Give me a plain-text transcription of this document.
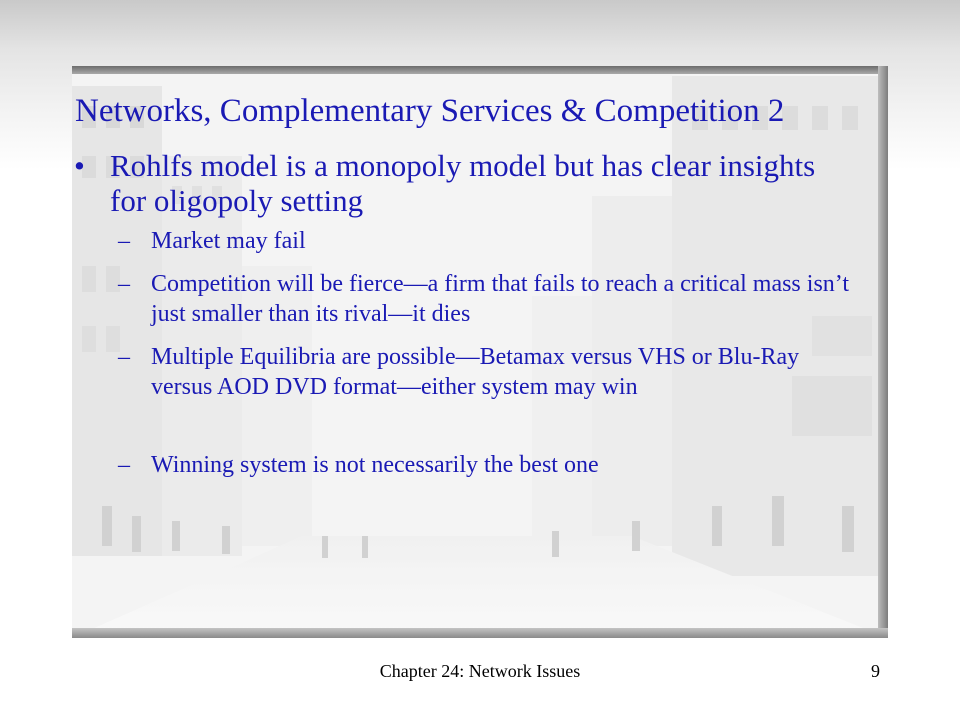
Networks, Complementary Services & Competition 2
• Rohlfs model is a monopoly model but has clear insights for oligopoly setting
– Market may fail
– Competition will be fierce—a firm that fails to reach a critical mass isn’t just smaller than its rival—it dies
– Multiple Equilibria are possible—Betamax versus VHS or Blu-Ray versus AOD DVD format—either system may win
– Winning system is not necessarily the best one
Chapter 24: Network Issues	9
